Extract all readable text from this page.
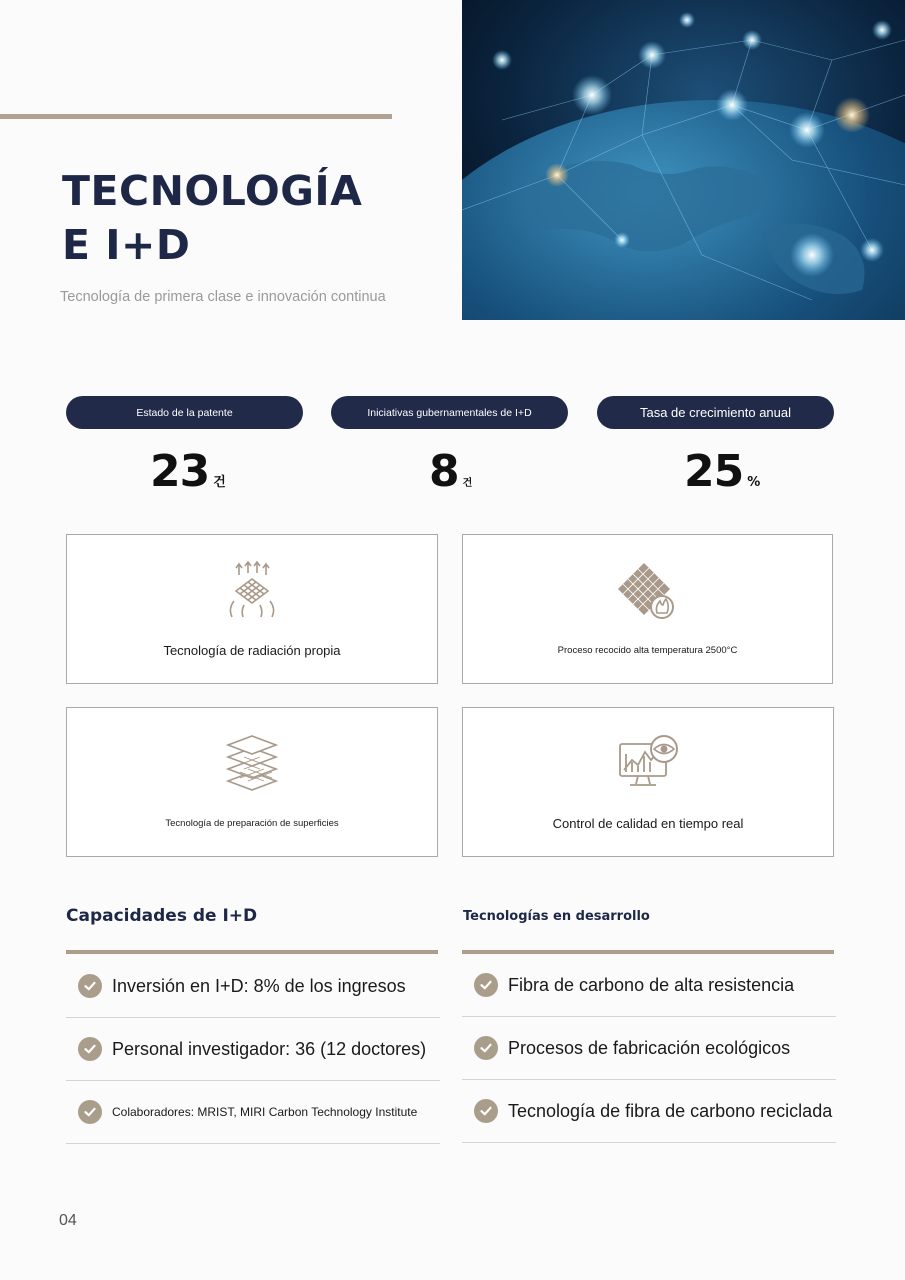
TECNOLOGÍA
E I+D
Tecnología de primera clase e innovación continua
Estado de la patente	Iniciativas gubernamentales de I+D	Tasa de crecimiento anual
23 건	8 건	25 %
Tecnología de radiación propia	Proceso recocido alta temperatura 2500°C
Tecnología de preparación de superficies	Control de calidad en tiempo real
Capacidades de I+D	Tecnologías en desarrollo
Inversión en I+D: 8% de los ingresos
Personal investigador: 36 (12 doctores)
Colaboradores: MRIST, MIRI Carbon Technology Institute
Fibra de carbono de alta resistencia
Procesos de fabricación ecológicos
Tecnología de fibra de carbono reciclada
04
